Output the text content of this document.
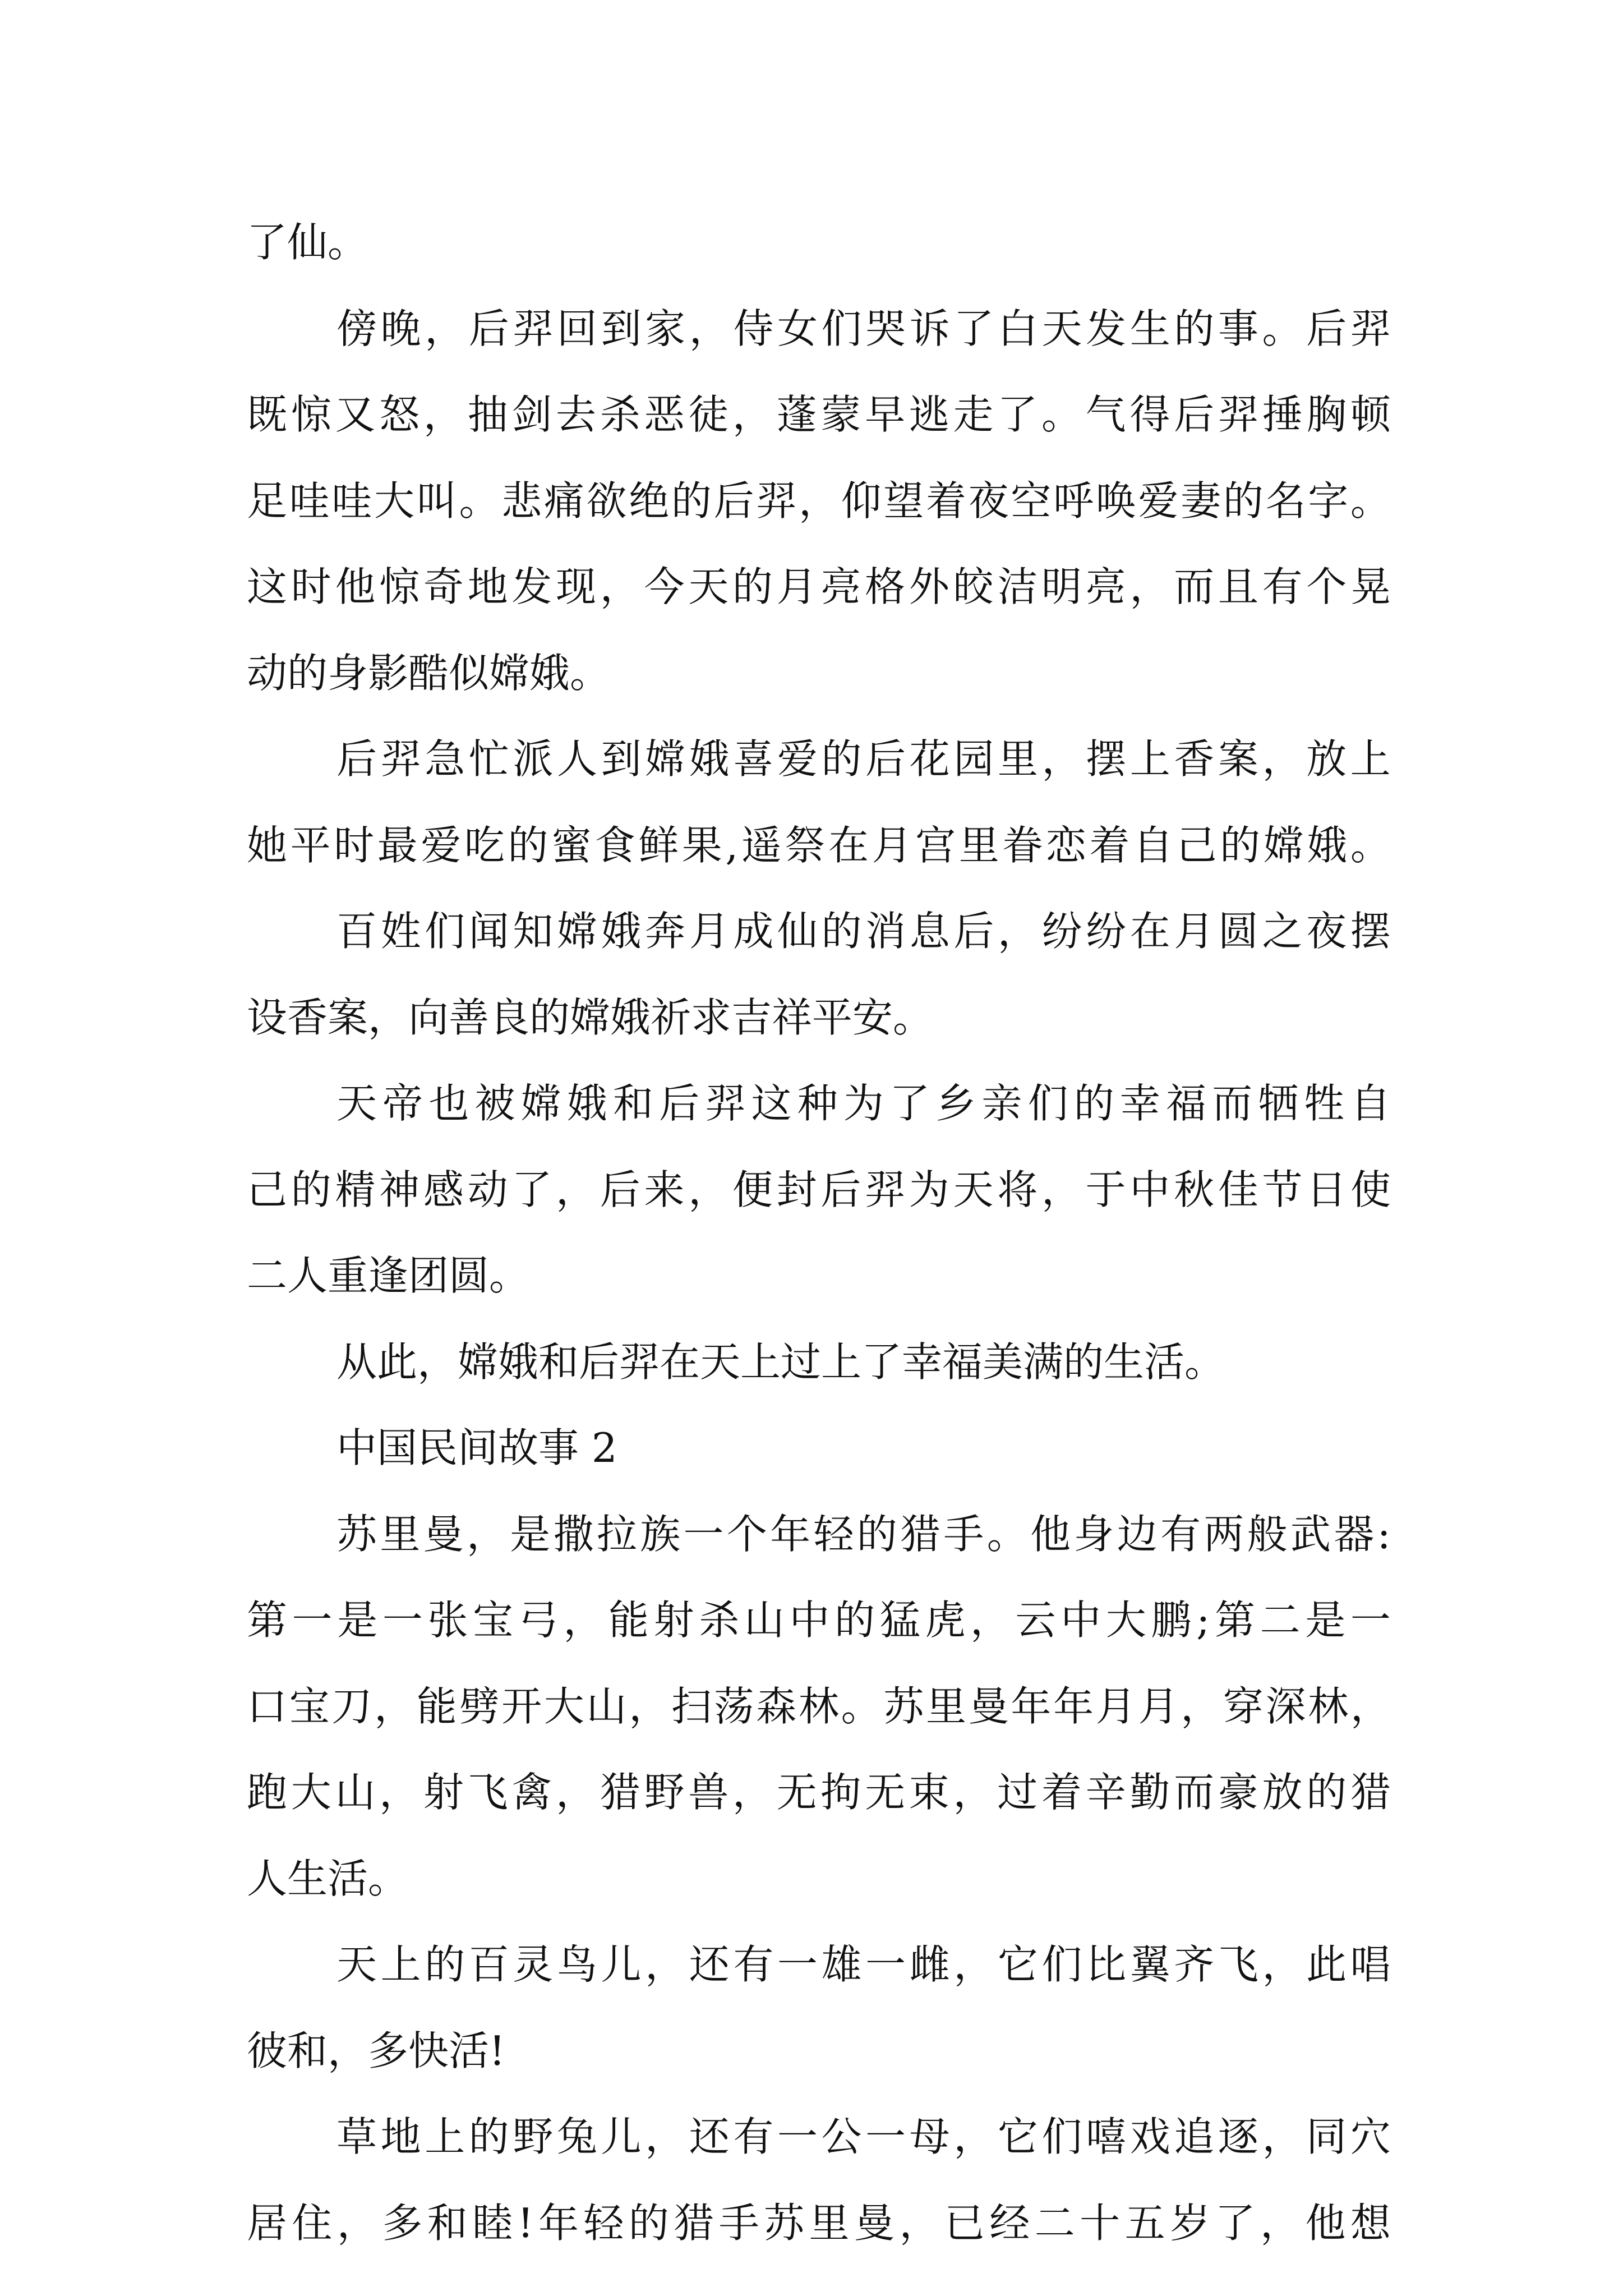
了仙。
傍 晚 ， 后 羿 回 到 家 ， 侍 女 们 哭 诉 了 白 天 发 生 的 事 。 后 羿
既 惊 又 怒 ， 抽 剑 去 杀 恶 徒 ， 蓬 蒙 早 逃 走 了 。 气 得 后 羿 捶 胸 顿
足 哇 哇 大 叫 。 悲 痛 欲 绝 的 后 羿 ， 仰 望 着 夜 空 呼 唤 爱 妻 的 名 字 。
这 时 他 惊 奇 地 发 现 ， 今 天 的 月 亮 格 外 皎 洁 明 亮 ， 而 且 有 个 晃
动的身影酷似嫦娥。
后 羿 急 忙 派 人 到 嫦 娥 喜 爱 的 后 花 园 里 ， 摆 上 香 案 ， 放 上
她 平 时 最 爱 吃 的 蜜 食 鲜 果 , 遥 祭 在 月 宫 里 眷 恋 着 自 己 的 嫦 娥 。
百 姓 们 闻 知 嫦 娥 奔 月 成 仙 的 消 息 后 ， 纷 纷 在 月 圆 之 夜 摆
设香案，向善良的嫦娥祈求吉祥平安。
天 帝 也 被 嫦 娥 和 后 羿 这 种 为 了 乡 亲 们 的 幸 福 而 牺 牲 自
己 的 精 神 感 动 了 ， 后 来 ， 便 封 后 羿 为 天 将 ， 于 中 秋 佳 节 日 使
二人重逢团圆。
从此，嫦娥和后羿在天上过上了幸福美满的生活。
中国民间故事 2
苏 里 曼 ， 是 撒 拉 族 一 个 年 轻 的 猎 手 。 他 身 边 有 两 般 武 器 :
第 一 是 一 张 宝 弓 ， 能 射 杀 山 中 的 猛 虎 ， 云 中 大 鹏 ; 第 二 是 一
口 宝 刀 ， 能 劈 开 大 山 ， 扫 荡 森 林 。 苏 里 曼 年 年 月 月 ， 穿 深 林 ，
跑 大 山 ， 射 飞 禽 ， 猎 野 兽 ， 无 拘 无 束 ， 过 着 辛 勤 而 豪 放 的 猎
人生活。
天 上 的 百 灵 鸟 儿 ， 还 有 一 雄 一 雌 ， 它 们 比 翼 齐 飞 ， 此 唱
彼和，多快活!
草 地 上 的 野 兔 儿 ， 还 有 一 公 一 母 ， 它 们 嘻 戏 追 逐 ， 同 穴
居 住 ， 多 和 睦 ! 年 轻 的 猎 手 苏 里 曼 ， 已 经 二 十 五 岁 了 ， 他 想
